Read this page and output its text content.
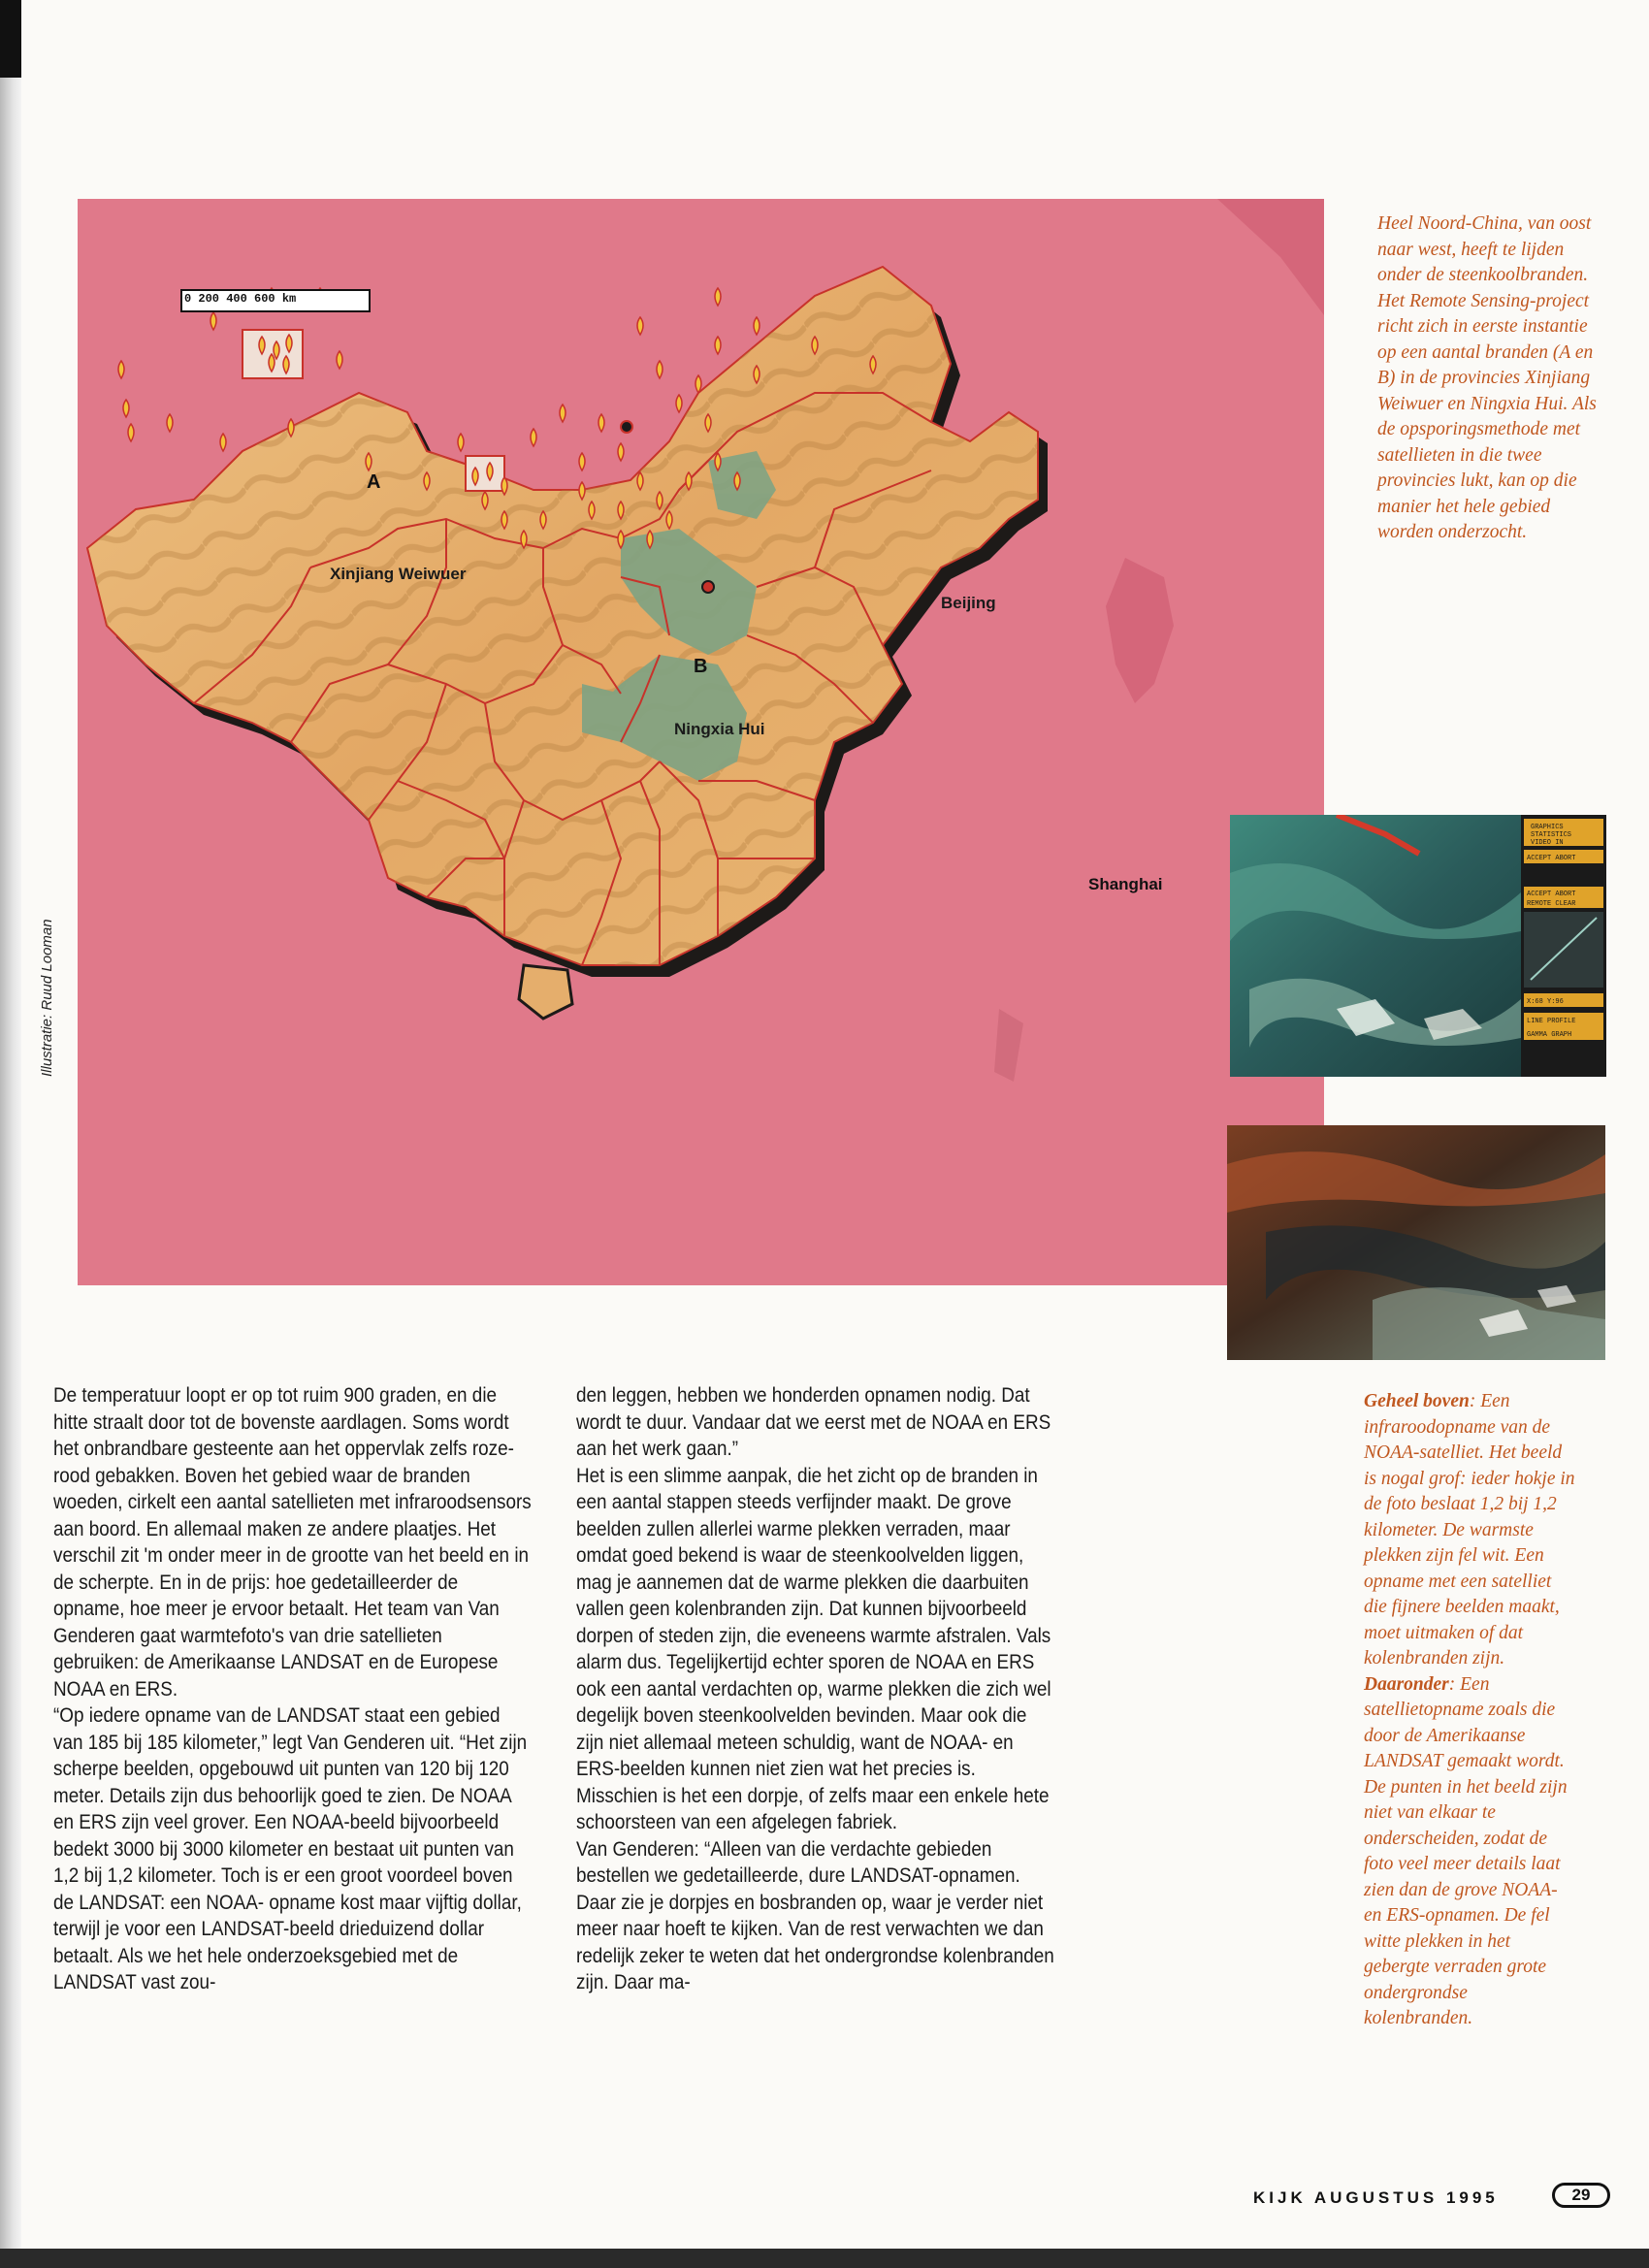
0 200 400 600 km
A
B
Xinjiang Weiwuer
Ningxia Hui
Beijing
Shanghai
Illustratie: Ruud Looman
Heel Noord-China, van oost naar west, heeft te lijden onder de steenkoolbranden. Het Remote Sensing-project richt zich in eerste instantie op een aantal branden (A en B) in de provincies Xinjiang Weiwuer en Ningxia Hui. Als de opsporingsmethode met satellieten in die twee provincies lukt, kan op die manier het hele gebied worden onderzocht.
GRAPHICS
STATISTICS
VIDEO IN
ACCEPT ABORT
ACCEPT ABORT
REMOTE CLEAR
X:68 Y:96
LINE PROFILE
GAMMA GRAPH
Geheel boven: Een infraroodopname van de NOAA-satelliet. Het beeld is nogal grof: ieder hokje in de foto beslaat 1,2 bij 1,2 kilometer. De warmste plekken zijn fel wit. Een opname met een satelliet die fijnere beelden maakt, moet uitmaken of dat kolenbranden zijn.
Daaronder: Een satellietopname zoals die door de Amerikaanse LANDSAT gemaakt wordt. De punten in het beeld zijn niet van elkaar te onderscheiden, zodat de foto veel meer details laat zien dan de grove NOAA- en ERS-opnamen. De fel witte plekken in het gebergte verraden grote ondergrondse kolenbranden.

De temperatuur loopt er op tot ruim 900 graden, en die hitte straalt door tot de bovenste aardlagen. Soms wordt het onbrandbare gesteente aan het oppervlak zelfs roze-rood gebakken. Boven het gebied waar de branden woeden, cirkelt een aantal satellieten met infraroodsensors aan boord. En allemaal maken ze andere plaatjes. Het verschil zit 'm onder meer in de grootte van het beeld en in de scherpte. En in de prijs: hoe gedetailleerder de opname, hoe meer je ervoor betaalt. Het team van Van Genderen gaat warmtefoto's van drie satellieten gebruiken: de Amerikaanse LANDSAT en de Europese NOAA en ERS.

“Op iedere opname van de LANDSAT staat een gebied van 185 bij 185 kilometer,” legt Van Genderen uit. “Het zijn scherpe beelden, opgebouwd uit punten van 120 bij 120 meter. Details zijn dus behoorlijk goed te zien. De NOAA en ERS zijn veel grover. Een NOAA-beeld bijvoorbeeld bedekt 3000 bij 3000 kilometer en bestaat uit punten van 1,2 bij 1,2 kilometer. Toch is er een groot voordeel boven de LANDSAT: een NOAA- opname kost maar vijftig dollar, terwijl je voor een LANDSAT-beeld drieduizend dollar betaalt. Als we het hele onderzoeksgebied met de LANDSAT vast zou-

den leggen, hebben we honderden opnamen nodig. Dat wordt te duur. Vandaar dat we eerst met de NOAA en ERS aan het werk gaan.”

Het is een slimme aanpak, die het zicht op de branden in een aantal stappen steeds verfijnder maakt. De grove beelden zullen allerlei warme plekken verraden, maar omdat goed bekend is waar de steenkoolvelden liggen, mag je aannemen dat de warme plekken die daarbuiten vallen geen kolenbranden zijn. Dat kunnen bijvoorbeeld dorpen of steden zijn, die eveneens warmte afstralen. Vals alarm dus. Tegelijkertijd echter sporen de NOAA en ERS ook een aantal verdachten op, warme plekken die zich wel degelijk boven steenkoolvelden bevinden. Maar ook die zijn niet allemaal meteen schuldig, want de NOAA- en ERS-beelden kunnen niet zien wat het precies is. Misschien is het een dorpje, of zelfs maar een enkele hete schoorsteen van een afgelegen fabriek.

Van Genderen: “Alleen van die verdachte gebieden bestellen we gedetailleerde, dure LANDSAT-opnamen. Daar zie je dorpjes en bosbranden op, waar je verder niet meer naar hoeft te kijken. Van de rest verwachten we dan redelijk zeker te weten dat het ondergrondse kolenbranden zijn. Daar ma-

KIJK AUGUSTUS 1995	29
